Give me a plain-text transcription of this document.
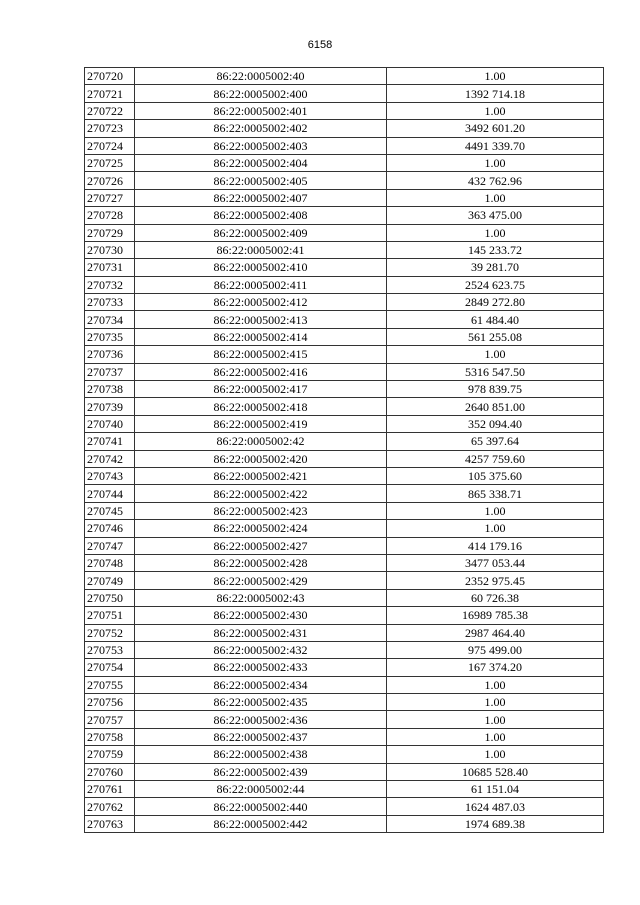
6158
270720	86:22:0005002:40	1.00
270721	86:22:0005002:400	1392 714.18
270722	86:22:0005002:401	1.00
270723	86:22:0005002:402	3492 601.20
270724	86:22:0005002:403	4491 339.70
270725	86:22:0005002:404	1.00
270726	86:22:0005002:405	432 762.96
270727	86:22:0005002:407	1.00
270728	86:22:0005002:408	363 475.00
270729	86:22:0005002:409	1.00
270730	86:22:0005002:41	145 233.72
270731	86:22:0005002:410	39 281.70
270732	86:22:0005002:411	2524 623.75
270733	86:22:0005002:412	2849 272.80
270734	86:22:0005002:413	61 484.40
270735	86:22:0005002:414	561 255.08
270736	86:22:0005002:415	1.00
270737	86:22:0005002:416	5316 547.50
270738	86:22:0005002:417	978 839.75
270739	86:22:0005002:418	2640 851.00
270740	86:22:0005002:419	352 094.40
270741	86:22:0005002:42	65 397.64
270742	86:22:0005002:420	4257 759.60
270743	86:22:0005002:421	105 375.60
270744	86:22:0005002:422	865 338.71
270745	86:22:0005002:423	1.00
270746	86:22:0005002:424	1.00
270747	86:22:0005002:427	414 179.16
270748	86:22:0005002:428	3477 053.44
270749	86:22:0005002:429	2352 975.45
270750	86:22:0005002:43	60 726.38
270751	86:22:0005002:430	16989 785.38
270752	86:22:0005002:431	2987 464.40
270753	86:22:0005002:432	975 499.00
270754	86:22:0005002:433	167 374.20
270755	86:22:0005002:434	1.00
270756	86:22:0005002:435	1.00
270757	86:22:0005002:436	1.00
270758	86:22:0005002:437	1.00
270759	86:22:0005002:438	1.00
270760	86:22:0005002:439	10685 528.40
270761	86:22:0005002:44	61 151.04
270762	86:22:0005002:440	1624 487.03
270763	86:22:0005002:442	1974 689.38
